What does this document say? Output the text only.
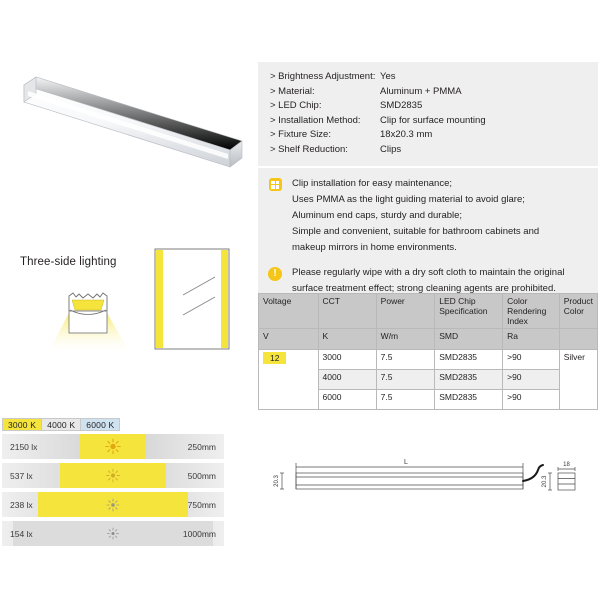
Three-side lighting
3000 K	4000 K	6000 K
2150 lx	250mm
537 lx	500mm
238 lx	750mm
154 lx	1000mm
> Brightness Adjustment: Yes
> Material:	Aluminum + PMMA
> LED Chip:	SMD2835
> Installation Method:	Clip for surface mounting
> Fixture Size:	18x20.3 mm
> Shelf Reduction:	Clips
Clip installation for easy maintenance;
Uses PMMA as the light guiding material to avoid glare;
Aluminum end caps, sturdy and durable;
Simple and convenient, suitable for bathroom cabinets and
makeup mirrors in home environments.
!	Please regularly wipe with a dry soft cloth to maintain the original
surface treatment effect; strong cleaning agents are prohibited.
Voltage	CCT	Power	LED Chip Specification	Color Rendering Index	Product Color
V	K	W/m	SMD	Ra	
12	3000	7.5	SMD2835	>90	Silver
	4000	7.5	SMD2835	>90	
	6000	7.5	SMD2835	>90	
L
20.3
18
20.3
